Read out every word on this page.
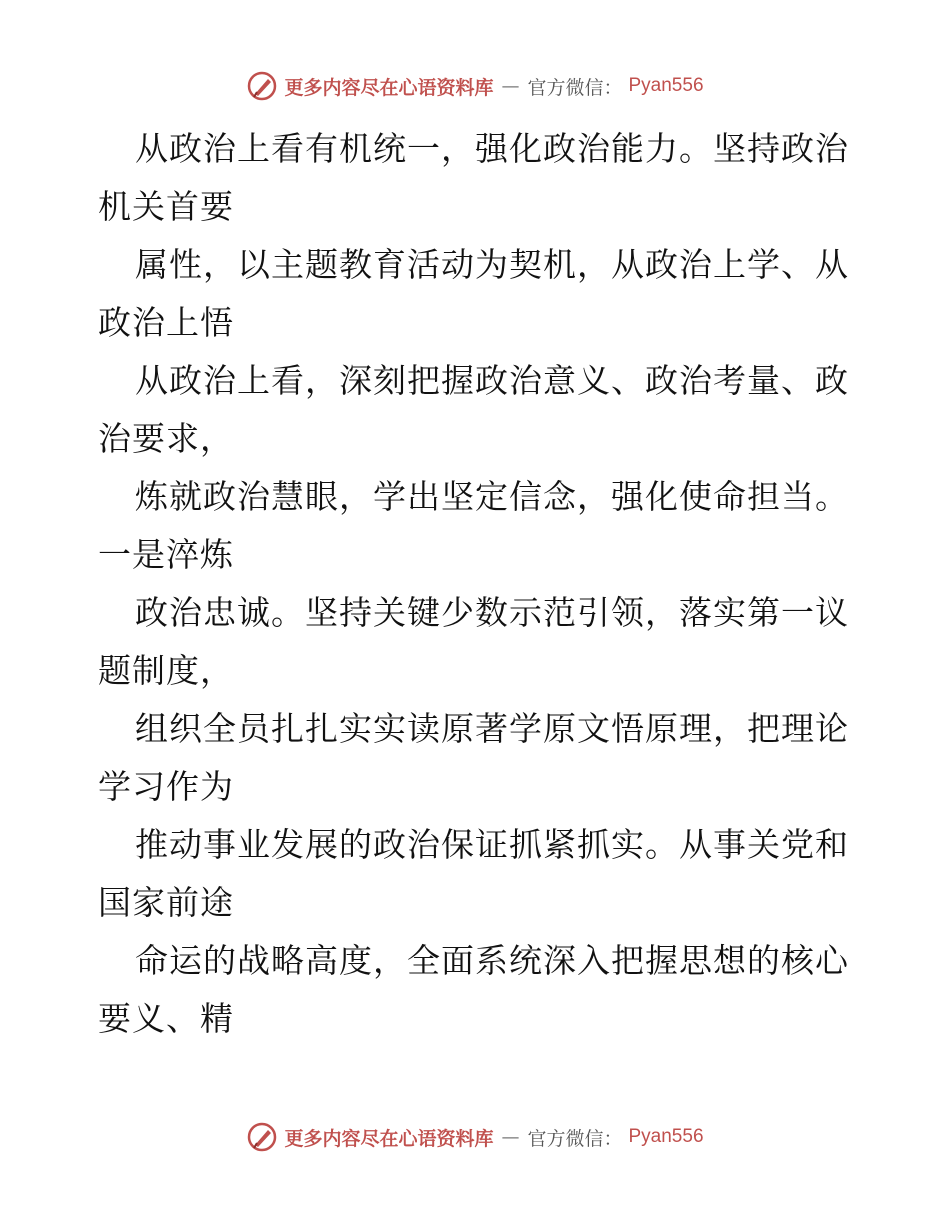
更多内容尽在心语资料库 — 官方微信： Pyan556

从政治上看有机统一，强化政治能力。坚持政治
机关首要

属性，以主题教育活动为契机，从政治上学、从
政治上悟

从政治上看，深刻把握政治意义、政治考量、政
治要求，

炼就政治慧眼，学出坚定信念，强化使命担当。
一是淬炼

政治忠诚。坚持关键少数示范引领，落实第一议
题制度，

组织全员扎扎实实读原著学原文悟原理，把理论
学习作为

推动事业发展的政治保证抓紧抓实。从事关党和
国家前途

命运的战略高度，全面系统深入把握思想的核心
要义、精

更多内容尽在心语资料库 — 官方微信： Pyan556
